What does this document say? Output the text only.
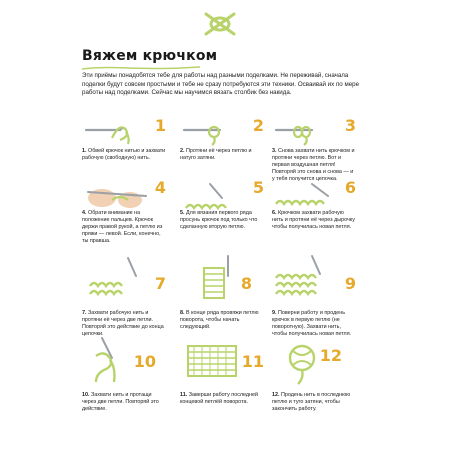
Вяжем крючком
Эти приёмы понадобятся тебе для работы над разными поделками. Не переживай, сначала поделки будут совсем простыми и тебе не сразу потребуются эти техники. Осваивай их по мере работы над поделками. Сейчас мы научимся вязать столбик без накида.
1
1. Обвей крючок нитью и захвати рабочую (свободную) нить.
2
2. Протяни её через петлю и натуго затяни.
3
3. Снова захвати нить крючком и протяни через петлю. Вот и первая воздушная петля! Повторяй это снова и снова — и у тебя получится цепочка.
4
4. Обрати внимание на положение пальцев. Крючок держи правой рукой, а петлю из пряжи — левой. Если, конечно, ты правша.
5
5. Для вязания первого ряда просунь крючок под только что сделанную вторую петлю.
6
6. Крючком захвати рабочую нить и протяни её через дырочку чтобы получилась новая петля.
7
7. Захвати рабочую нить и протяни её через две петли. Повторяй это действие до конца цепочки.
8
8. В конце ряда провяжи петлю поворота, чтобы начать следующий.
9
9. Поверни работу и продень крючок в первую петлю (не поворотную). Захвати нить, чтобы получилась новая петля.
10
10. Захвати нить и протащи через две петли. Повторяй это действие.
11
11. Заверши работу последней концевой петлёй поворота.
12
12. Продень нить в последнюю петлю и туго затяни, чтобы закончить работу.
